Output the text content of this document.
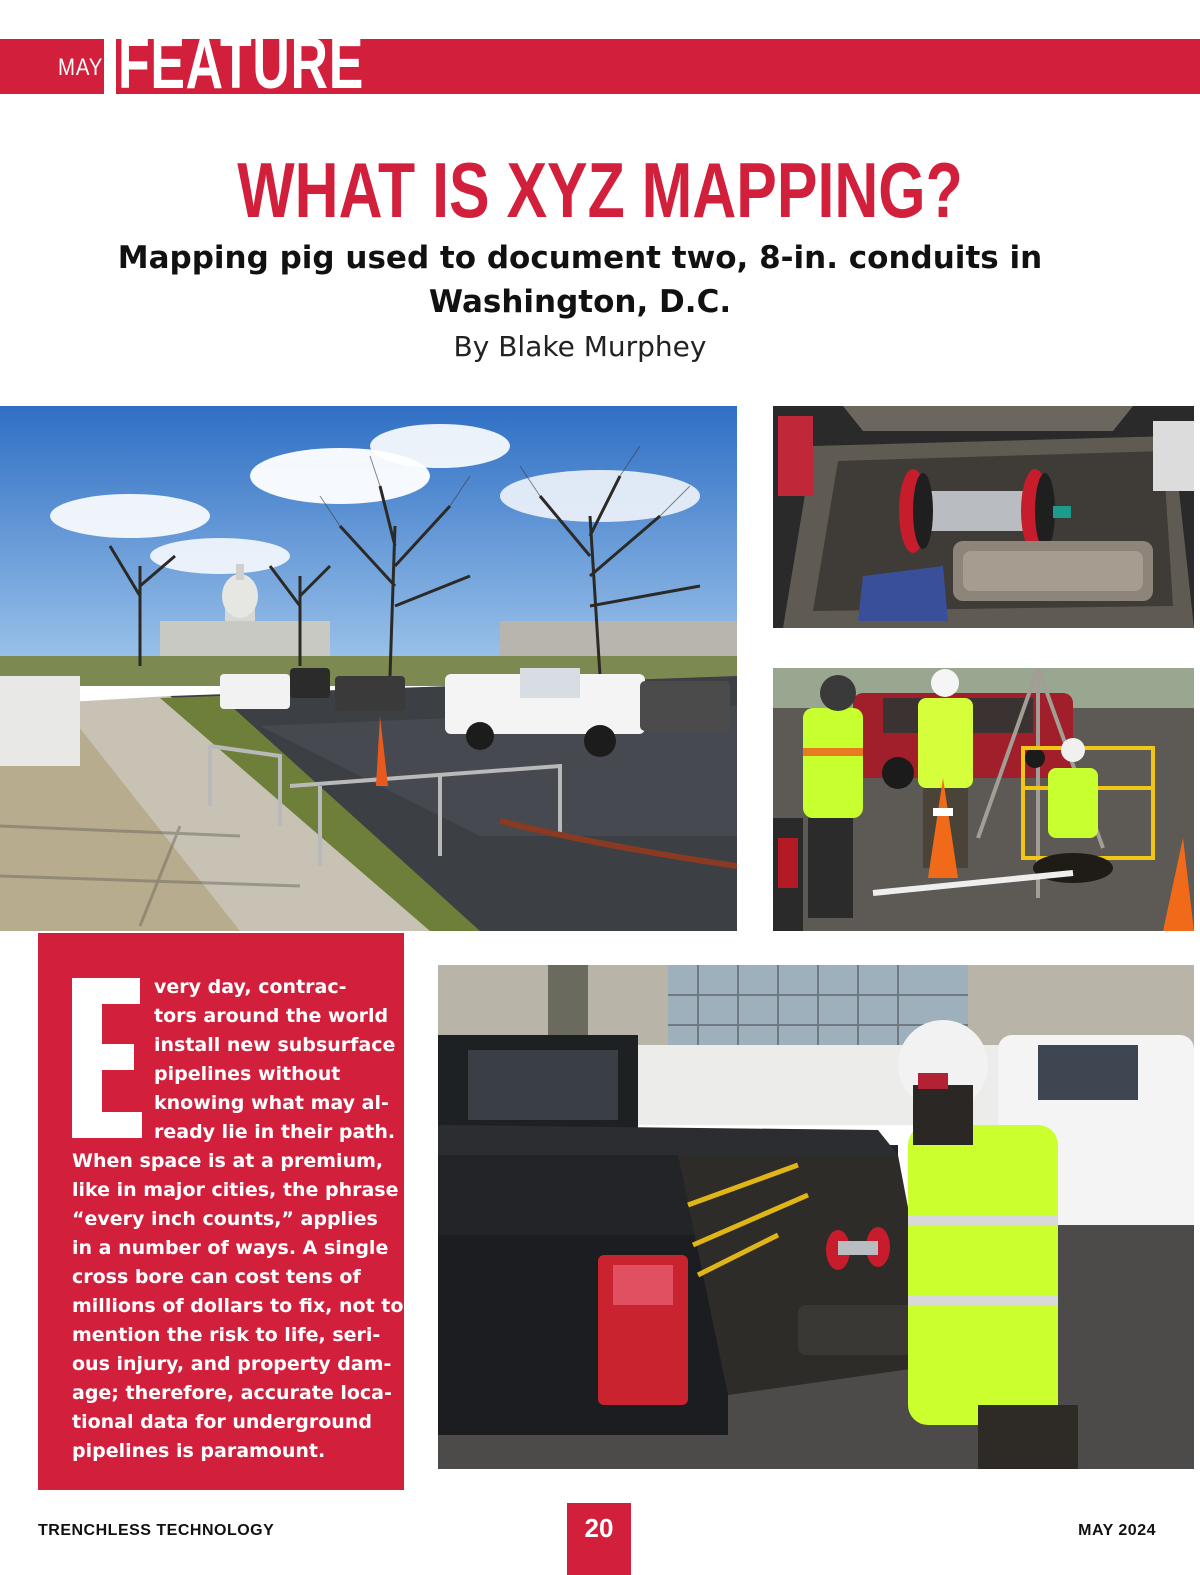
MAY FEATURE
WHAT IS XYZ MAPPING?
Mapping pig used to document two, 8-in. conduits in Washington, D.C.
By Blake Murphey
very day, contrac-
tors around the world
install new subsurface
pipelines without
knowing what may al-
ready lie in their path.
When space is at a premium,
like in major cities, the phrase
“every inch counts,” applies
in a number of ways. A single
cross bore can cost tens of
millions of dollars to fix, not to
mention the risk to life, seri-
ous injury, and property dam-
age; therefore, accurate loca-
tional data for underground
pipelines is paramount.
TRENCHLESS TECHNOLOGY	20	MAY 2024
